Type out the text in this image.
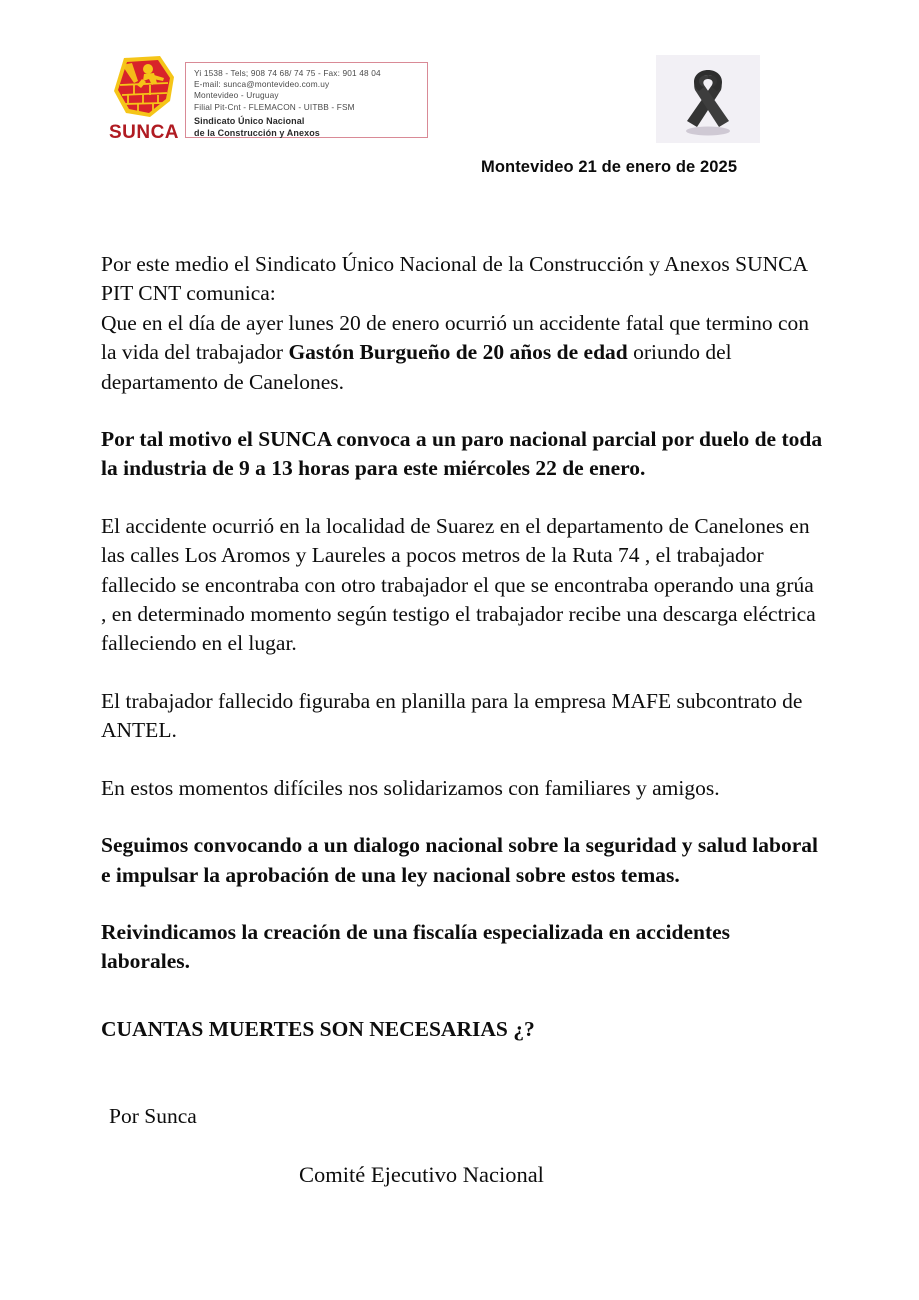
SUNCA
Yi 1538 - Tels; 908 74 68/ 74 75 - Fax: 901 48 04
E-mail: sunca@montevideo.com.uy
Montevideo - Uruguay
Filial Pit-Cnt - FLEMACON - UITBB - FSM
Sindicato Único Nacional
de la Construcción y Anexos
Montevideo 21 de enero de 2025

Por este medio el Sindicato Único Nacional de la Construcción y Anexos SUNCA PIT CNT comunica:

Que en el día de ayer lunes 20 de enero ocurrió un accidente fatal que termino con la vida del trabajador Gastón Burgueño de 20 años de edad oriundo del departamento de Canelones.

Por tal motivo el SUNCA convoca a un paro nacional parcial por duelo de toda la industria de 9 a 13 horas para este miércoles 22 de enero.

El accidente ocurrió en la localidad de Suarez en el departamento de Canelones en las calles Los Aromos y Laureles a pocos metros de la Ruta 74 , el trabajador fallecido se encontraba con otro trabajador el que se encontraba operando una grúa , en determinado momento según testigo el trabajador recibe una descarga eléctrica  falleciendo en el lugar.

El trabajador fallecido figuraba en planilla para la empresa MAFE subcontrato de ANTEL.

En estos momentos difíciles nos solidarizamos con familiares y amigos.

Seguimos convocando a un dialogo nacional sobre la seguridad y salud laboral e impulsar la aprobación de una ley nacional sobre estos temas.

Reivindicamos la creación de una fiscalía especializada en accidentes laborales.

CUANTAS MUERTES SON NECESARIAS ¿?

Por Sunca

Comité Ejecutivo Nacional
